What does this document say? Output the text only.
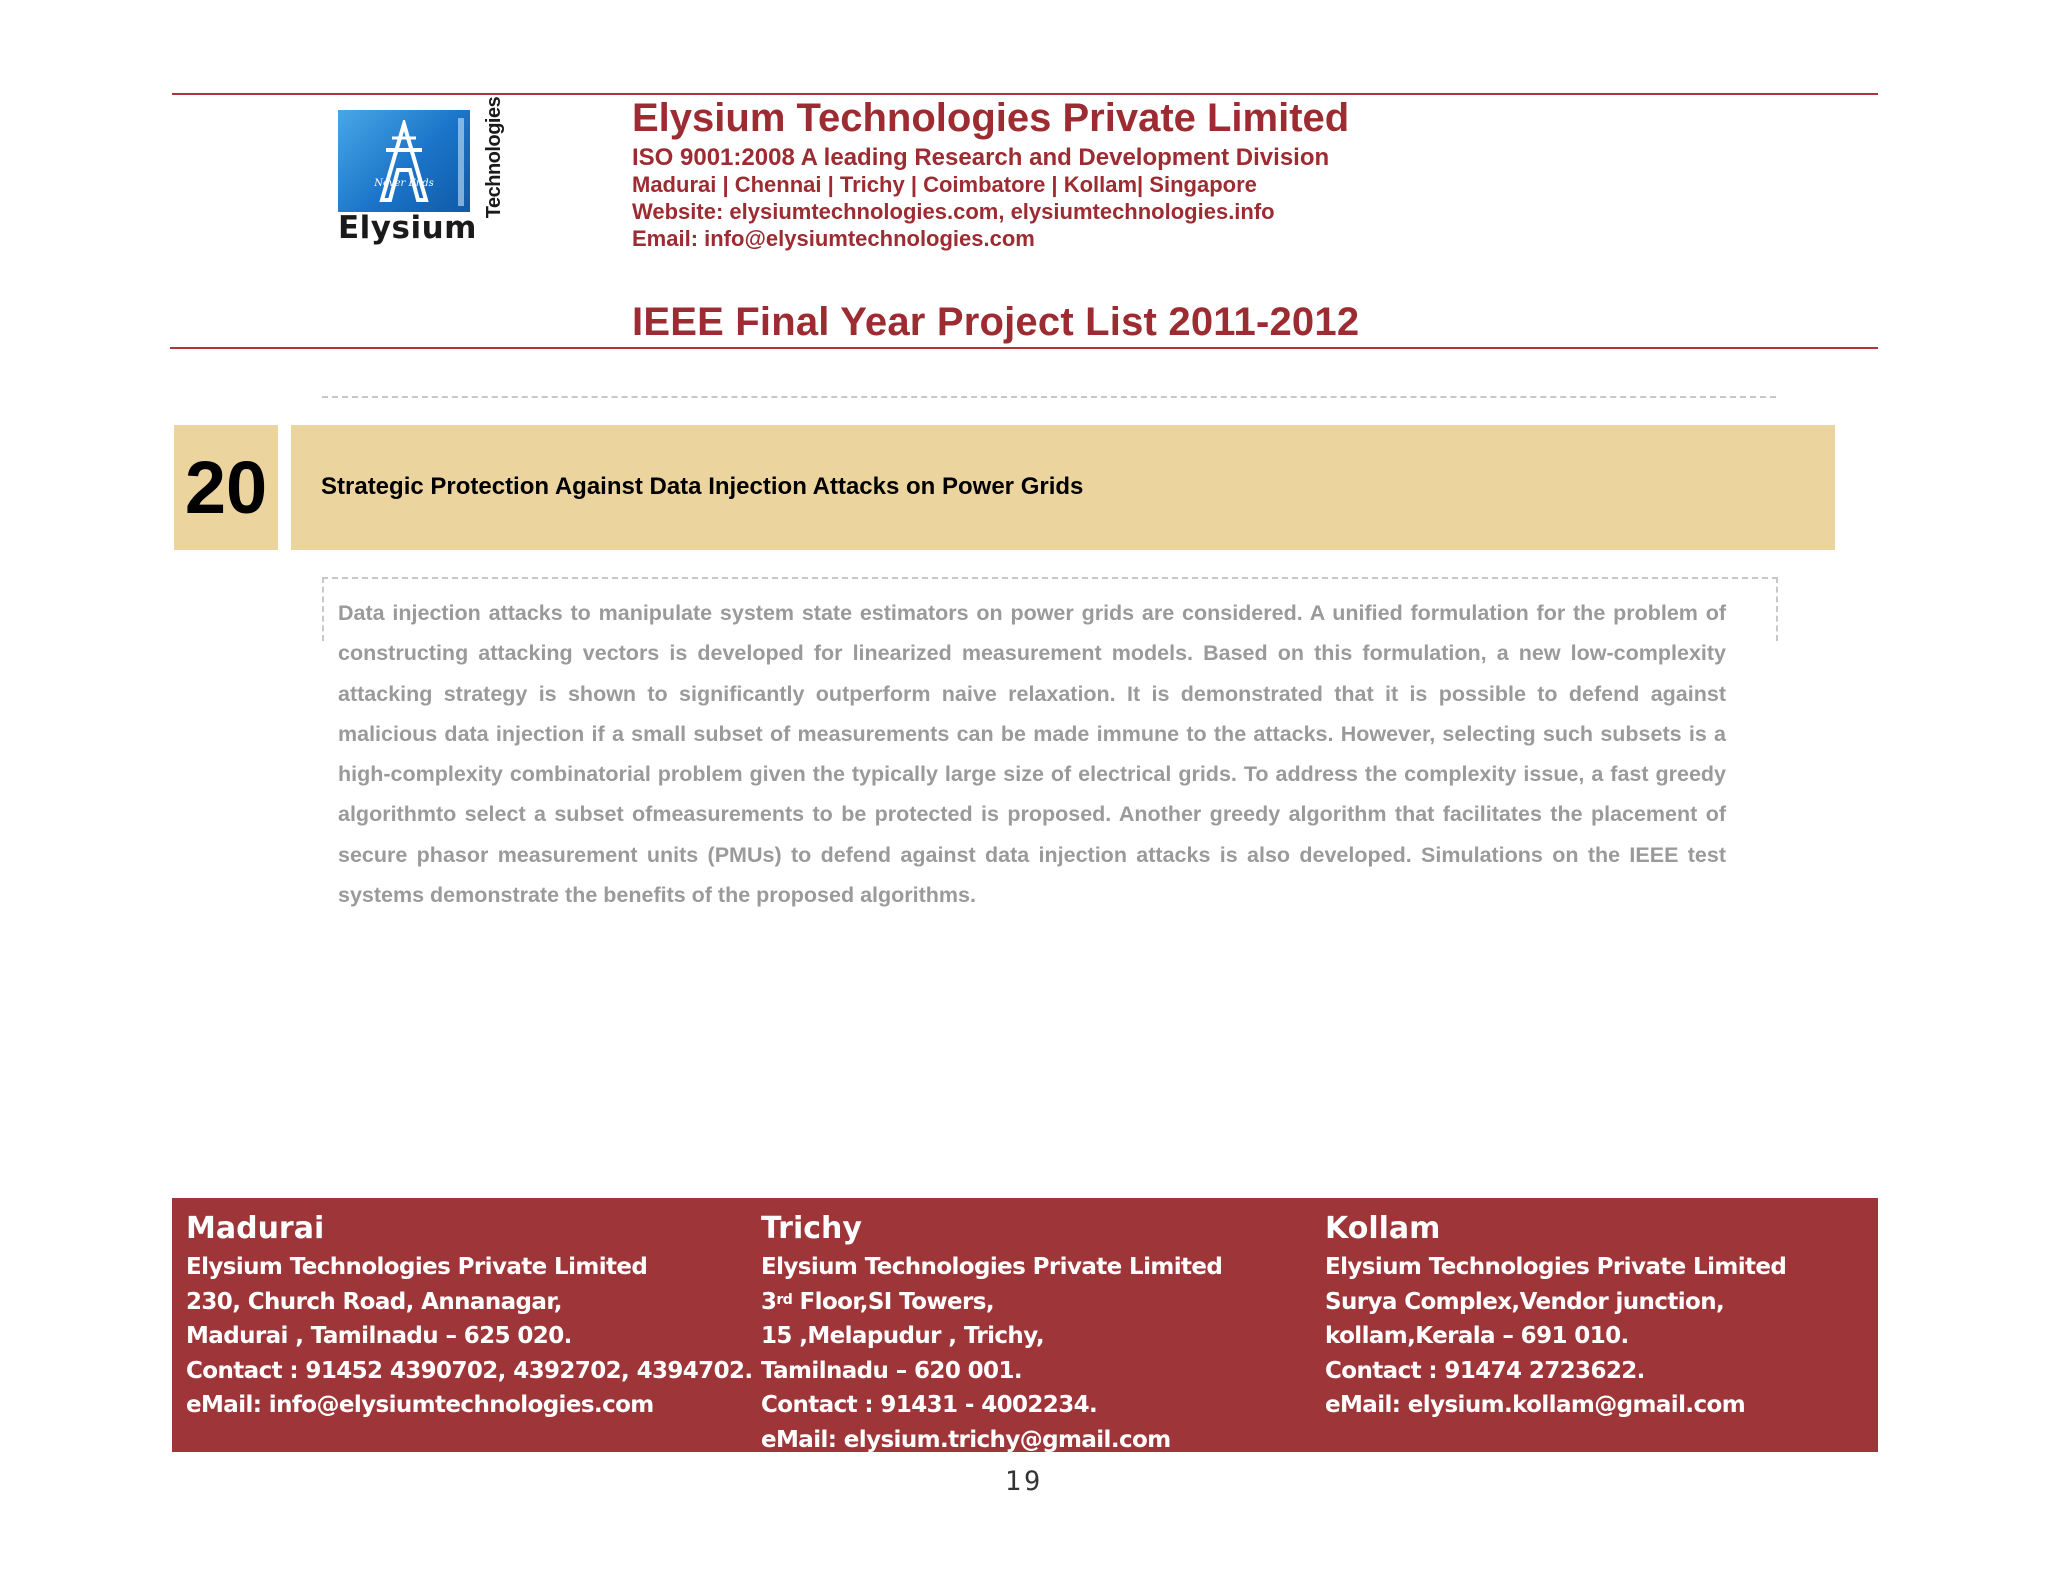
Never Ends Technologies
Elysium
Elysium Technologies Private Limited
ISO 9001:2008 A leading Research and Development Division
Madurai | Chennai | Trichy | Coimbatore | Kollam| Singapore
Website: elysiumtechnologies.com, elysiumtechnologies.info
Email: info@elysiumtechnologies.com
IEEE Final Year Project List 2011-2012
20 Strategic Protection Against Data Injection Attacks on Power Grids

Data injection attacks to manipulate system state estimators on power grids are considered. A unified formulation for the problem of constructing attacking vectors is developed for linearized measurement models. Based on this formulation, a new low-complexity attacking strategy is shown to significantly outperform naive relaxation. It is demonstrated that it is possible to defend against malicious data injection if a small subset of measurements can be made immune to the attacks. However, selecting such subsets is a high-complexity combinatorial problem given the typically large size of electrical grids. To address the complexity issue, a fast greedy algorithmto select a subset ofmeasurements to be protected is proposed. Another greedy algorithm that facilitates the placement of secure phasor measurement units (PMUs) to defend against data injection attacks is also developed. Simulations on the IEEE test systems demonstrate the benefits of the proposed algorithms.

Madurai
Elysium Technologies Private Limited
230, Church Road, Annanagar,
Madurai , Tamilnadu – 625 020.
Contact : 91452 4390702, 4392702, 4394702.
eMail: info@elysiumtechnologies.com
Trichy
Elysium Technologies Private Limited
3rd Floor,SI Towers,
15 ,Melapudur , Trichy,
Tamilnadu – 620 001.
Contact : 91431 - 4002234.
eMail: elysium.trichy@gmail.com
Kollam
Elysium Technologies Private Limited
Surya Complex,Vendor junction,
kollam,Kerala – 691 010.
Contact : 91474 2723622.
eMail: elysium.kollam@gmail.com
19
